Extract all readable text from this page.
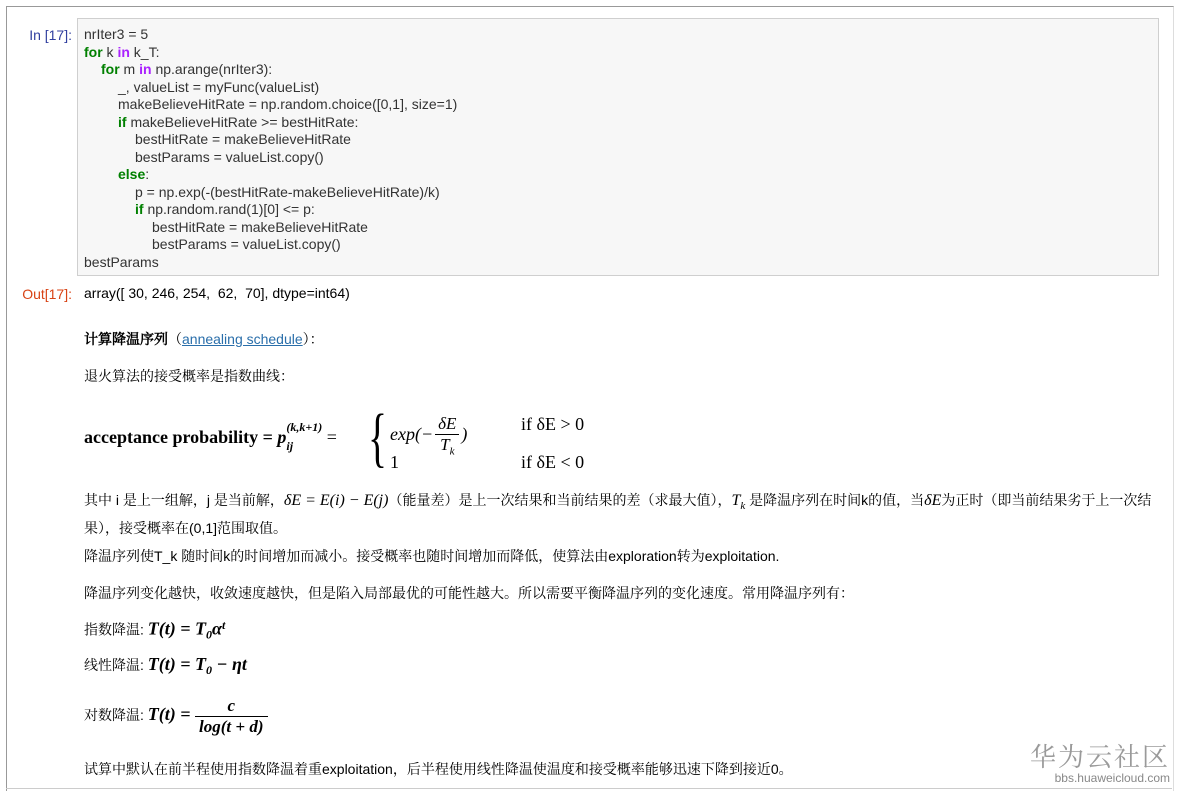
In [17]: nrIter3 = 5
for k in k_T:
for m in np.arange(nrIter3):
_, valueList = myFunc(valueList)
makeBelieveHitRate = np.random.choice([0,1], size=1)
if makeBelieveHitRate >= bestHitRate:
bestHitRate = makeBelieveHitRate
bestParams = valueList.copy()
else:
p = np.exp(-(bestHitRate-makeBelieveHitRate)/k)
if np.random.rand(1)[0] <= p:
bestHitRate = makeBelieveHitRate
bestParams = valueList.copy()
bestParams
Out[17]: array([ 30, 246, 254,  62,  70], dtype=int64)
计算降温序列（annealing schedule）：
退火算法的接受概率是指数曲线：
acceptance probability = p
(k,k+1)
ij	= { $\exp(- \frac{\delta E}{T_k}$ )	if δE > 0
1	if δE < 0
其中 i 是上一组解，j 是当前解，δE = E(i) − E(j)（能量差）是上一次结果和当前结果的差（求最大值），$T_k$ 是降温序列在时间k的值，当δE为正时（即当前结果劣于上一次结果），接受概率在(0,1]范围取值。
降温序列使T_k 随时间k的时间增加而减小。接受概率也随时间增加而降低，使算法由exploration转为exploitation.
降温序列变化越快，收敛速度越快，但是陷入局部最优的可能性越大。所以需要平衡降温序列的变化速度。常用降温序列有：
指数降温: $T(t) = T_0\alpha^t$
线性降温: $T(t) = T_0 - \eta t$
对数降温: $T(t) = \frac{c}{\log(t + d)}$
试算中默认在前半程使用指数降温着重exploitation，后半程使用线性降温使温度和接受概率能够迅速下降到接近0。	华为云社区
bbs.huaweicloud.com
